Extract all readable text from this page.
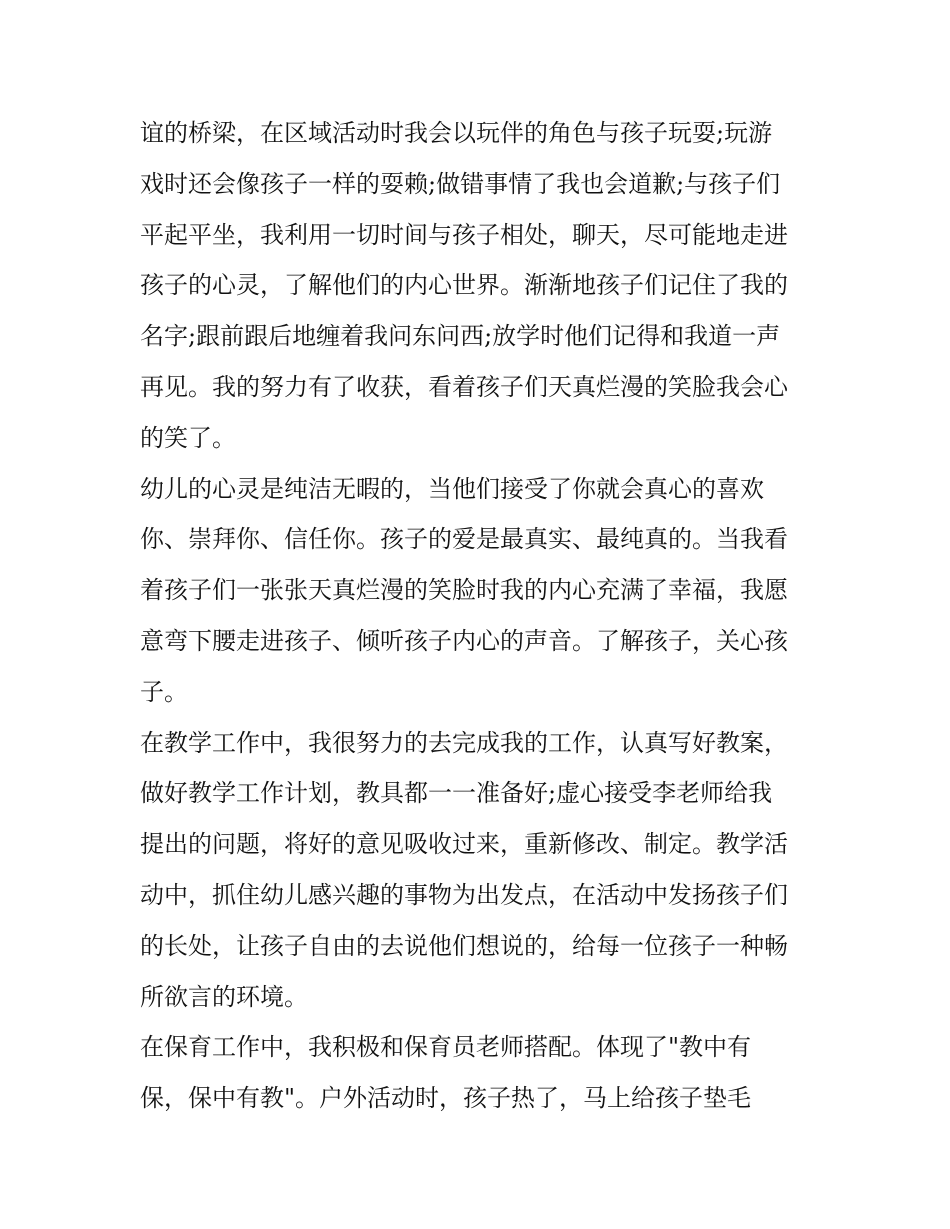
谊的桥梁，在区域活动时我会以玩伴的角色与孩子玩耍;玩游
戏时还会像孩子一样的耍赖;做错事情了我也会道歉;与孩子们
平起平坐，我利用一切时间与孩子相处，聊天，尽可能地走进
孩子的心灵，了解他们的内心世界。渐渐地孩子们记住了我的
名字;跟前跟后地缠着我问东问西;放学时他们记得和我道一声
再见。我的努力有了收获，看着孩子们天真烂漫的笑脸我会心
的笑了。
幼儿的心灵是纯洁无暇的，当他们接受了你就会真心的喜欢
你、崇拜你、信任你。孩子的爱是最真实、最纯真的。当我看
着孩子们一张张天真烂漫的笑脸时我的内心充满了幸福，我愿
意弯下腰走进孩子、倾听孩子内心的声音。了解孩子，关心孩
子。
在教学工作中，我很努力的去完成我的工作，认真写好教案，
做好教学工作计划，教具都一一准备好;虚心接受李老师给我
提出的问题，将好的意见吸收过来，重新修改、制定。教学活
动中，抓住幼儿感兴趣的事物为出发点，在活动中发扬孩子们
的长处，让孩子自由的去说他们想说的，给每一位孩子一种畅
所欲言的环境。
在保育工作中，我积极和保育员老师搭配。体现了"教中有
保，保中有教"。户外活动时，孩子热了，马上给孩子垫毛
